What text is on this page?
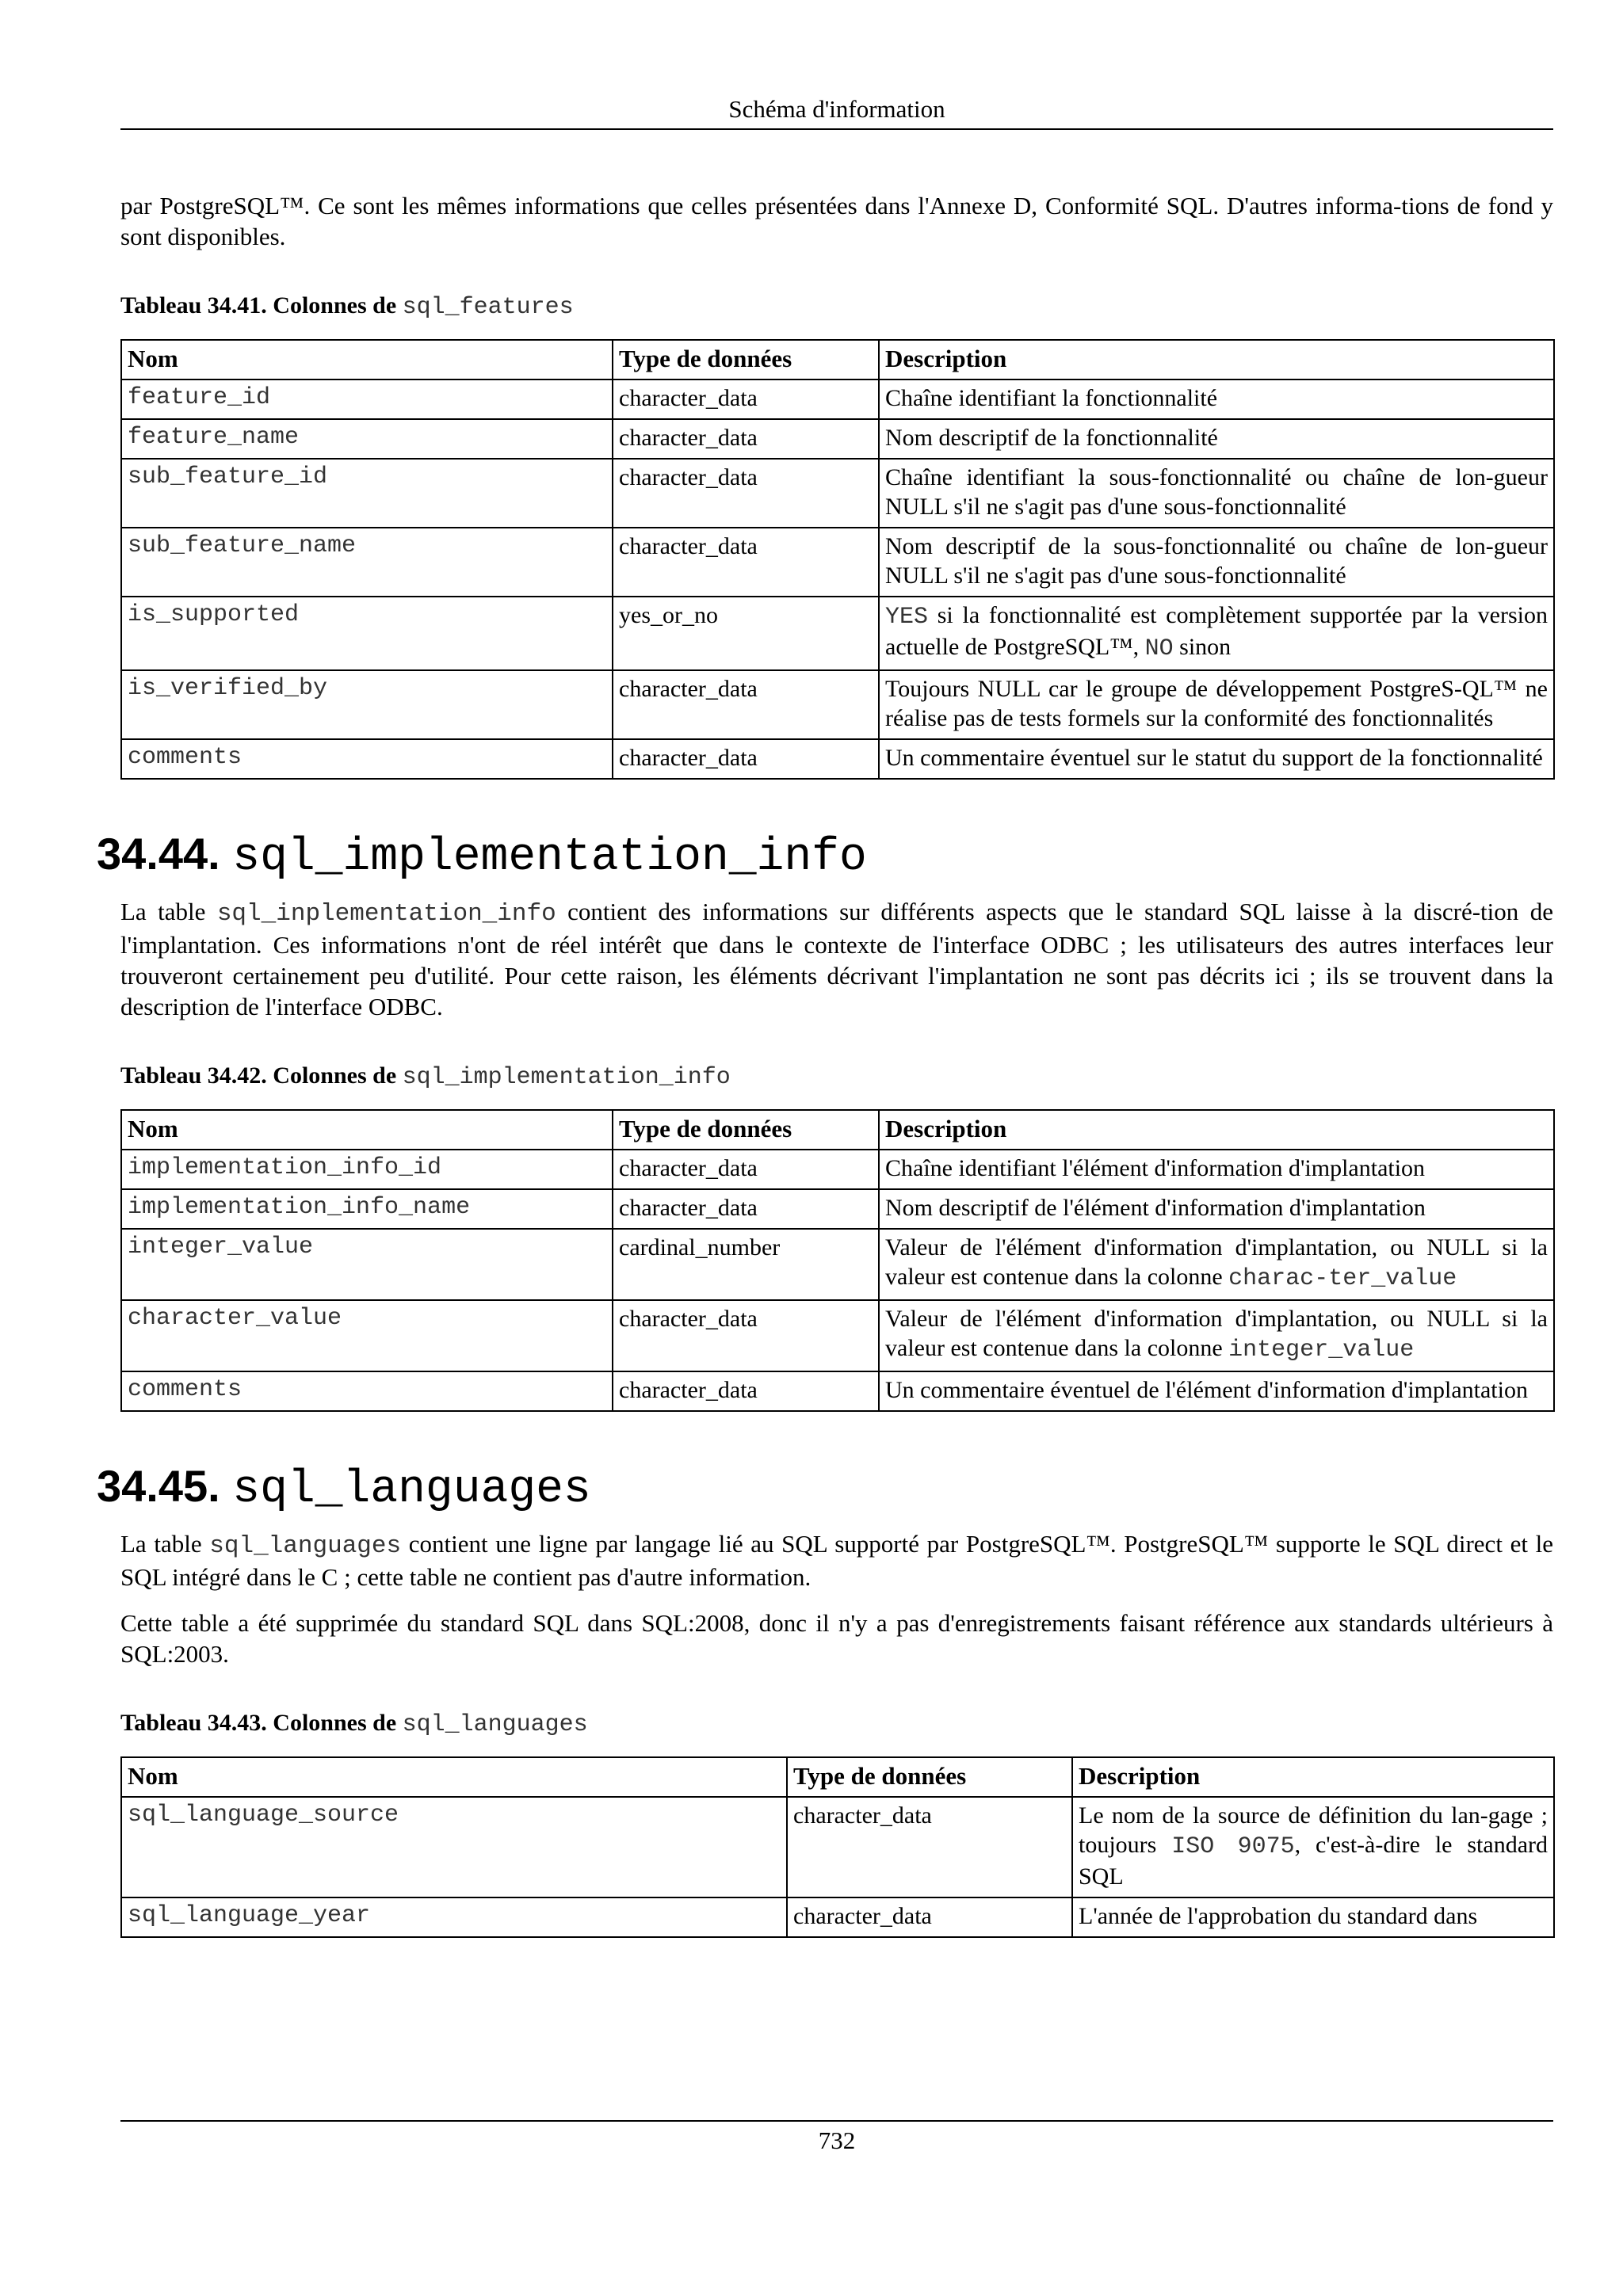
Schéma d'information

par PostgreSQL™. Ce sont les mêmes informations que celles présentées dans l'Annexe D, Conformité SQL. D'autres informa-tions de fond y sont disponibles.

Tableau 34.41. Colonnes de sql_features
Nom	Type de données	Description
feature_id	character_data	Chaîne identifiant la fonctionnalité
feature_name	character_data	Nom descriptif de la fonctionnalité
sub_feature_id	character_data	Chaîne identifiant la sous-fonctionnalité ou chaîne de lon-gueur NULL s'il ne s'agit pas d'une sous-fonctionnalité
sub_feature_name	character_data	Nom descriptif de la sous-fonctionnalité ou chaîne de lon-gueur NULL s'il ne s'agit pas d'une sous-fonctionnalité
is_supported	yes_or_no	YES si la fonctionnalité est complètement supportée par la version actuelle de PostgreSQL™, NO sinon
is_verified_by	character_data	Toujours NULL car le groupe de développement PostgreS-QL™ ne réalise pas de tests formels sur la conformité des fonctionnalités
comments	character_data	Un commentaire éventuel sur le statut du support de la fonctionnalité
34.44. sql_implementation_info

La table sql_inplementation_info contient des informations sur différents aspects que le standard SQL laisse à la discré-tion de l'implantation. Ces informations n'ont de réel intérêt que dans le contexte de l'interface ODBC ; les utilisateurs des autres interfaces leur trouveront certainement peu d'utilité. Pour cette raison, les éléments décrivant l'implantation ne sont pas décrits ici ; ils se trouvent dans la description de l'interface ODBC.

Tableau 34.42. Colonnes de sql_implementation_info
Nom	Type de données	Description
implementation_info_id	character_data	Chaîne identifiant l'élément d'information d'implantation
implementation_info_name	character_data	Nom descriptif de l'élément d'information d'implantation
integer_value	cardinal_number	Valeur de l'élément d'information d'implantation, ou NULL si la valeur est contenue dans la colonne charac-ter_value
character_value	character_data	Valeur de l'élément d'information d'implantation, ou NULL si la valeur est contenue dans la colonne integer_value
comments	character_data	Un commentaire éventuel de l'élément d'information d'implantation
34.45. sql_languages

La table sql_languages contient une ligne par langage lié au SQL supporté par PostgreSQL™. PostgreSQL™ supporte le SQL direct et le SQL intégré dans le C ; cette table ne contient pas d'autre information.

Cette table a été supprimée du standard SQL dans SQL:2008, donc il n'y a pas d'enregistrements faisant référence aux standards ultérieurs à SQL:2003.

Tableau 34.43. Colonnes de sql_languages
Nom	Type de données	Description
sql_language_source	character_data	Le nom de la source de définition du lan-gage ; toujours ISO 9075, c'est-à-dire le standard SQL
sql_language_year	character_data	L'année de l'approbation du standard dans
732
